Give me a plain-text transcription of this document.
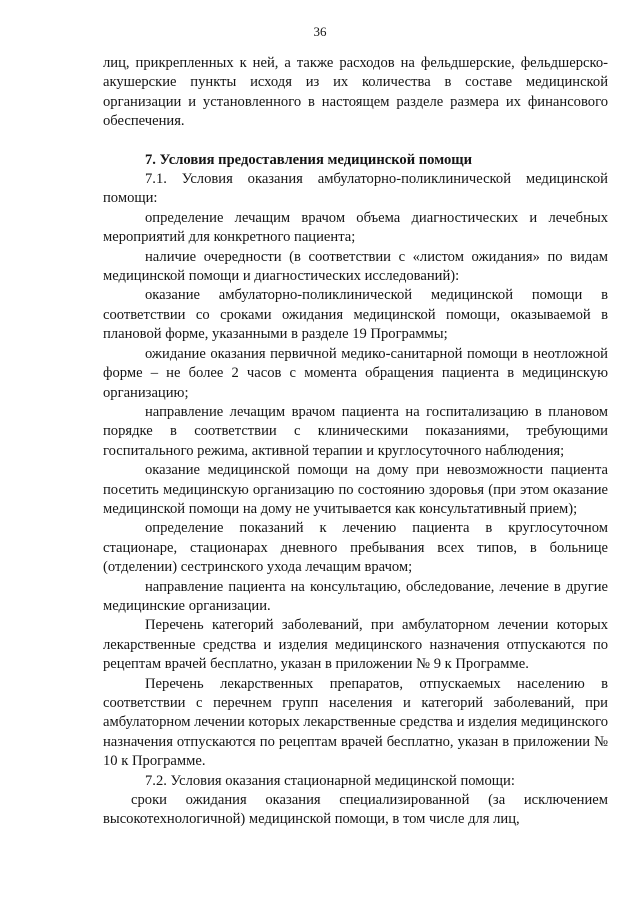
36

лиц, прикрепленных к ней, а также расходов на фельдшерские, фельдшерско-акушерские пункты исходя из их количества в составе медицинской организации и установленного в настоящем разделе размера их финансового обеспечения.

7. Условия предоставления медицинской помощи

7.1. Условия оказания амбулаторно-поликлинической медицинской помощи:

определение лечащим врачом объема диагностических и лечебных мероприятий для конкретного пациента;

наличие очередности (в соответствии с «листом ожидания» по видам медицинской помощи и диагностических исследований):

оказание амбулаторно-поликлинической медицинской помощи в соответствии со сроками ожидания медицинской помощи, оказываемой в плановой форме, указанными в разделе 19 Программы;

ожидание оказания первичной медико-санитарной помощи в неотложной форме – не более 2 часов с момента обращения пациента в медицинскую организацию;

направление лечащим врачом пациента на госпитализацию в плановом порядке в соответствии с клиническими показаниями, требующими госпитального режима, активной терапии и круглосуточного наблюдения;

оказание медицинской помощи на дому при невозможности пациента посетить медицинскую организацию по состоянию здоровья (при этом оказание медицинской помощи на дому не учитывается как консультативный прием);

определение показаний к лечению пациента в круглосуточном стационаре, стационарах дневного пребывания всех типов, в больнице (отделении) сестринского ухода лечащим врачом;

направление пациента на консультацию, обследование, лечение в другие медицинские организации.

Перечень категорий заболеваний, при амбулаторном лечении которых лекарственные средства и изделия медицинского назначения отпускаются по рецептам врачей бесплатно, указан в приложении № 9 к Программе.

Перечень лекарственных препаратов, отпускаемых населению в соответствии с перечнем групп населения и категорий заболеваний, при амбулаторном лечении которых лекарственные средства и изделия медицинского назначения отпускаются по рецептам врачей бесплатно, указан в приложении № 10 к Программе.

7.2. Условия оказания стационарной медицинской помощи:

сроки ожидания оказания специализированной (за исключением высокотехнологичной) медицинской помощи, в том числе для лиц,
